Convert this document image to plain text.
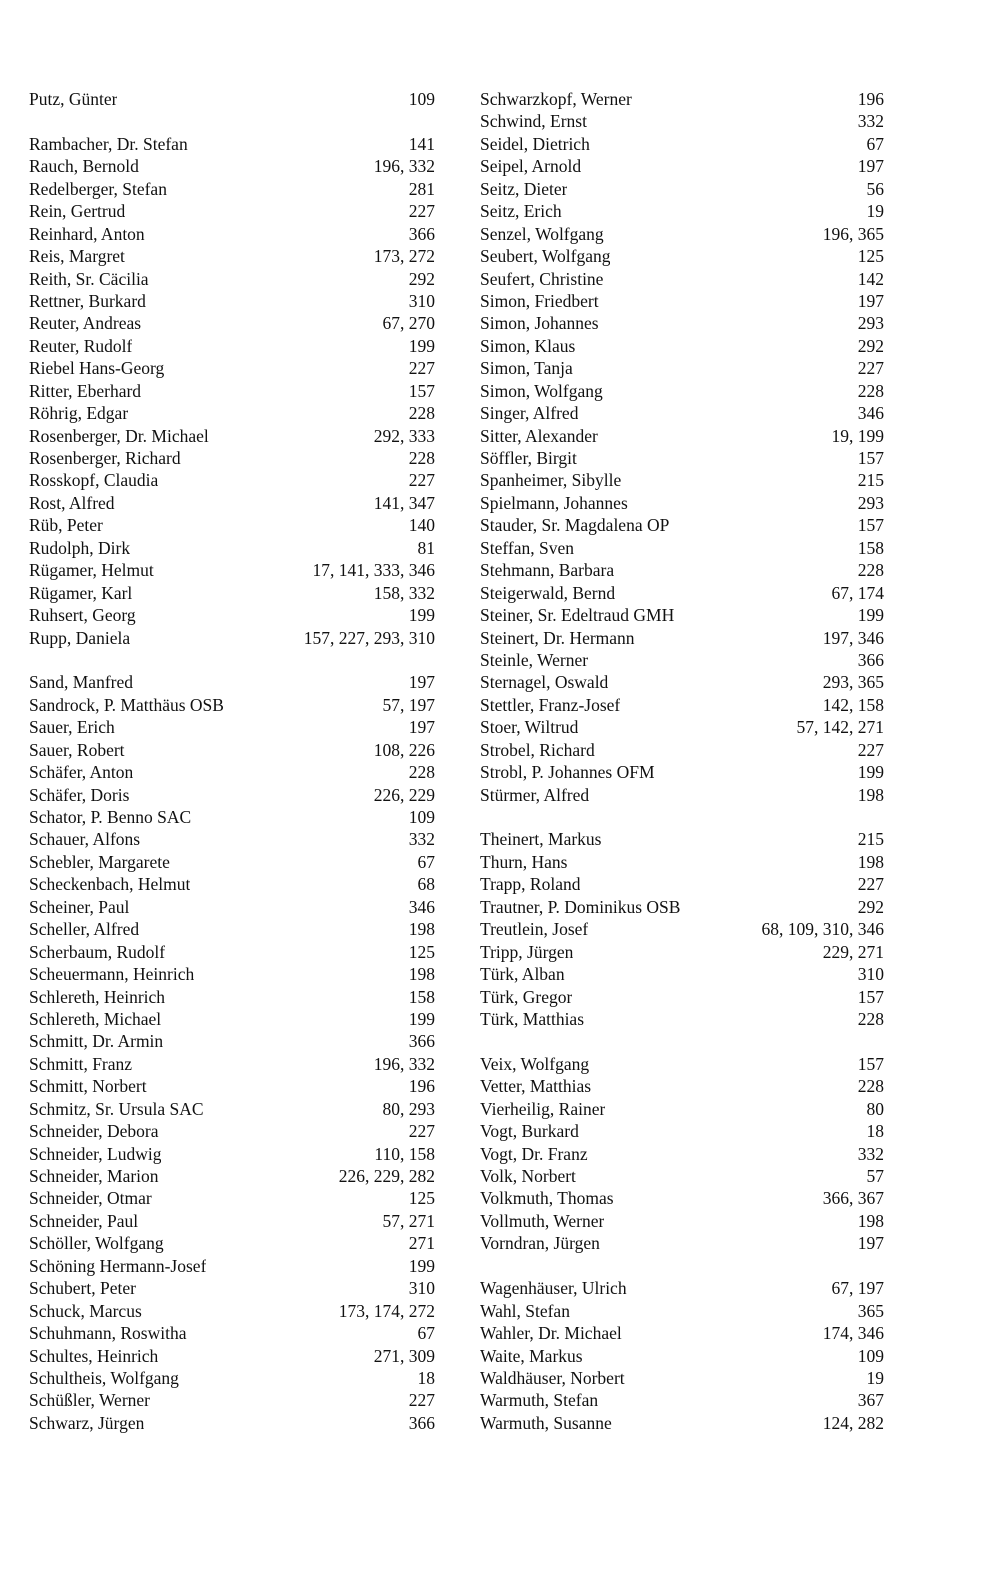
Putz, Günter	109
Rambacher, Dr. Stefan	141
Rauch, Bernold	196, 332
Redelberger, Stefan	281
Rein, Gertrud	227
Reinhard, Anton	366
Reis, Margret	173, 272
Reith, Sr. Cäcilia	292
Rettner, Burkard	310
Reuter, Andreas	67, 270
Reuter, Rudolf	199
Riebel Hans-Georg	227
Ritter, Eberhard	157
Röhrig, Edgar	228
Rosenberger, Dr. Michael	292, 333
Rosenberger, Richard	228
Rosskopf, Claudia	227
Rost, Alfred	141, 347
Rüb, Peter	140
Rudolph, Dirk	81
Rügamer, Helmut	17, 141, 333, 346
Rügamer, Karl	158, 332
Ruhsert, Georg	199
Rupp, Daniela	157, 227, 293, 310
Sand, Manfred	197
Sandrock, P. Matthäus OSB	57, 197
Sauer, Erich	197
Sauer, Robert	108, 226
Schäfer, Anton	228
Schäfer, Doris	226, 229
Schator, P. Benno SAC	109
Schauer, Alfons	332
Schebler, Margarete	67
Scheckenbach, Helmut	68
Scheiner, Paul	346
Scheller, Alfred	198
Scherbaum, Rudolf	125
Scheuermann, Heinrich	198
Schlereth, Heinrich	158
Schlereth, Michael	199
Schmitt, Dr. Armin	366
Schmitt, Franz	196, 332
Schmitt, Norbert	196
Schmitz, Sr. Ursula SAC	80, 293
Schneider, Debora	227
Schneider, Ludwig	110, 158
Schneider, Marion	226, 229, 282
Schneider, Otmar	125
Schneider, Paul	57, 271
Schöller, Wolfgang	271
Schöning Hermann-Josef	199
Schubert, Peter	310
Schuck, Marcus	173, 174, 272
Schuhmann, Roswitha	67
Schultes, Heinrich	271, 309
Schultheis, Wolfgang	18
Schüßler, Werner	227
Schwarz, Jürgen	366
Schwarzkopf, Werner	196
Schwind, Ernst	332
Seidel, Dietrich	67
Seipel, Arnold	197
Seitz, Dieter	56
Seitz, Erich	19
Senzel, Wolfgang	196, 365
Seubert, Wolfgang	125
Seufert, Christine	142
Simon, Friedbert	197
Simon, Johannes	293
Simon, Klaus	292
Simon, Tanja	227
Simon, Wolfgang	228
Singer, Alfred	346
Sitter, Alexander	19, 199
Söffler, Birgit	157
Spanheimer, Sibylle	215
Spielmann, Johannes	293
Stauder, Sr. Magdalena OP	157
Steffan, Sven	158
Stehmann, Barbara	228
Steigerwald, Bernd	67, 174
Steiner, Sr. Edeltraud GMH	199
Steinert, Dr. Hermann	197, 346
Steinle, Werner	366
Sternagel, Oswald	293, 365
Stettler, Franz-Josef	142, 158
Stoer, Wiltrud	57, 142, 271
Strobel, Richard	227
Strobl, P. Johannes OFM	199
Stürmer, Alfred	198
Theinert, Markus	215
Thurn, Hans	198
Trapp, Roland	227
Trautner, P. Dominikus OSB	292
Treutlein, Josef	68, 109, 310, 346
Tripp, Jürgen	229, 271
Türk, Alban	310
Türk, Gregor	157
Türk, Matthias	228
Veix, Wolfgang	157
Vetter, Matthias	228
Vierheilig, Rainer	80
Vogt, Burkard	18
Vogt, Dr. Franz	332
Volk, Norbert	57
Volkmuth, Thomas	366, 367
Vollmuth, Werner	198
Vorndran, Jürgen	197
Wagenhäuser, Ulrich	67, 197
Wahl, Stefan	365
Wahler, Dr. Michael	174, 346
Waite, Markus	109
Waldhäuser, Norbert	19
Warmuth, Stefan	367
Warmuth, Susanne	124, 282
